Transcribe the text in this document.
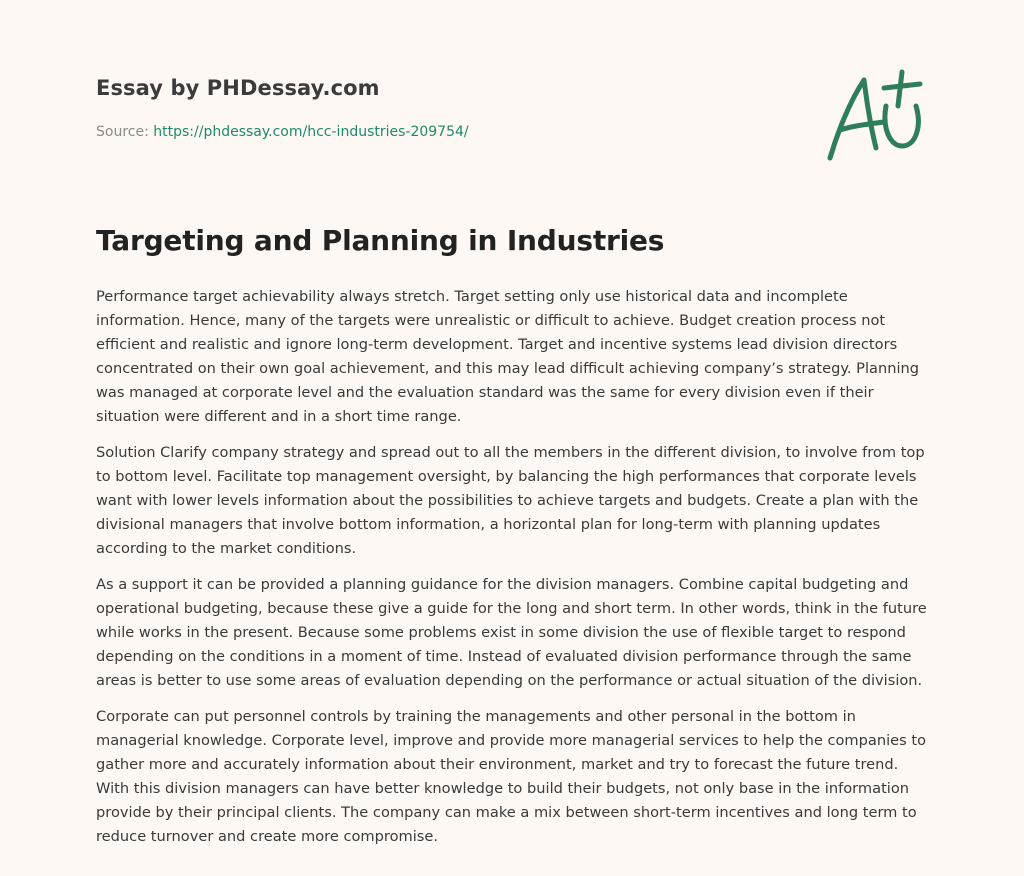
Essay by PHDessay.com

Source: https://phdessay.com/hcc-industries-209754/

Targeting and Planning in Industries

Performance target achievability always stretch. Target setting only use historical data and incomplete information. Hence, many of the targets were unrealistic or difficult to achieve. Budget creation process not efficient and realistic and ignore long-term development. Target and incentive systems lead division directors concentrated on their own goal achievement, and this may lead difficult achieving company’s strategy. Planning was managed at corporate level and the evaluation standard was the same for every division even if their situation were different and in a short time range.

Solution Clarify company strategy and spread out to all the members in the different division, to involve from top to bottom level. Facilitate top management oversight, by balancing the high performances that corporate levels want with lower levels information about the possibilities to achieve targets and budgets. Create a plan with the divisional managers that involve bottom information, a horizontal plan for long-term with planning updates according to the market conditions.

As a support it can be provided a planning guidance for the division managers. Combine capital budgeting and operational budgeting, because these give a guide for the long and short term. In other words, think in the future while works in the present. Because some problems exist in some division the use of flexible target to respond depending on the conditions in a moment of time. Instead of evaluated division performance through the same areas is better to use some areas of evaluation depending on the performance or actual situation of the division.

Corporate can put personnel controls by training the managements and other personal in the bottom in managerial knowledge. Corporate level, improve and provide more managerial services to help the companies to gather more and accurately information about their environment, market and try to forecast the future trend. With this division managers can have better knowledge to build their budgets, not only base in the information provide by their principal clients. The company can make a mix between short-term incentives and long term to reduce turnover and create more compromise.
